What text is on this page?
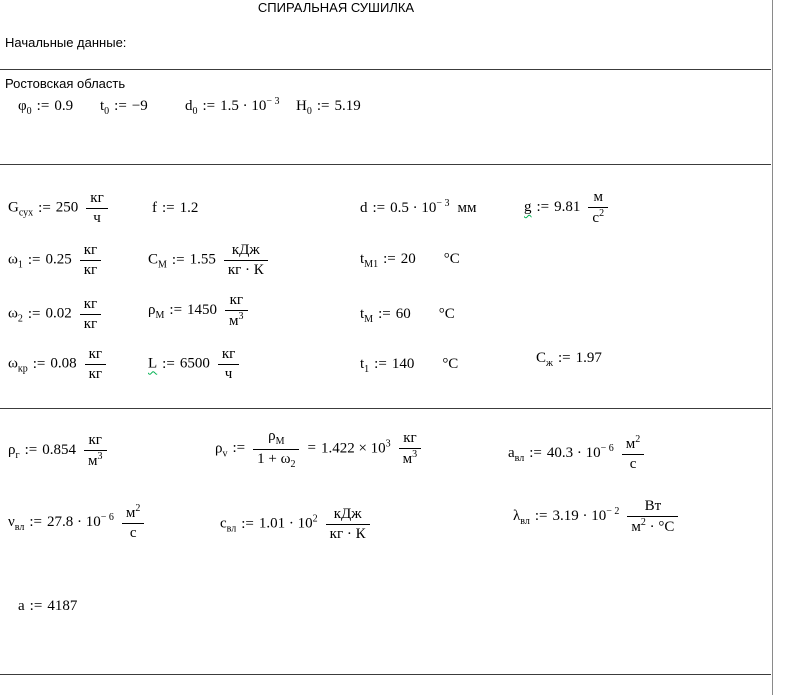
СПИРАЛЬНАЯ СУШИЛКА
Начальные данные:
Ростовская область
$\varphi_0$ := 0.9 $t_0$ := −9 $d_0$ := $1.5 \cdot 10^{- 3}$ $H_0$ := 5.19
$G_{сух}$ := $250 \frac{кг}{ч}$	f := 1.2	d := $0.5 \cdot 10^{- 3}$ мм	g := $9.81 \frac{м}{с^2}$
$\omega_1$ := $0.25 \frac{кг}{кг}$	$C_М$ := $1.55 \frac{\text{кДж}}{кг \cdot К}$	$t_{М1}$ := 20 °C
$\omega_2$ := $0.02 \frac{кг}{кг}$	$\rho_М$ := $1450 \frac{кг}{м^3}$	$t_М$ := 60 °C
$\omega_{кр}$ := $0.08 \frac{кг}{кг}$	L := $6500 \frac{кг}{ч}$	$t_1$ := 140 °C	$C_ж$ := 1.97
$\rho_г$ := $0.854 \frac{кг}{м^3}$	$\rho_v$ := $\frac{\rho_М}{1 + \omega_2} = 1.422 \times 10^3 \frac{кг}{м^3}$	$a_{вл}$ := $40.3 \cdot 10^{- 6} \frac{м^2}{с}$
$\nu_{вл}$ := $27.8 \cdot 10^{- 6} \frac{м^2}{с}$	$c_{вл}$ := $1.01 \cdot 10^2 \frac{\text{кДж}}{кг \cdot К}$	$\lambda_{вл}$ := $3.19 \cdot 10^{- 2} \frac{Вт}{м^2 \cdot ^\circ C}$
a := 4187
